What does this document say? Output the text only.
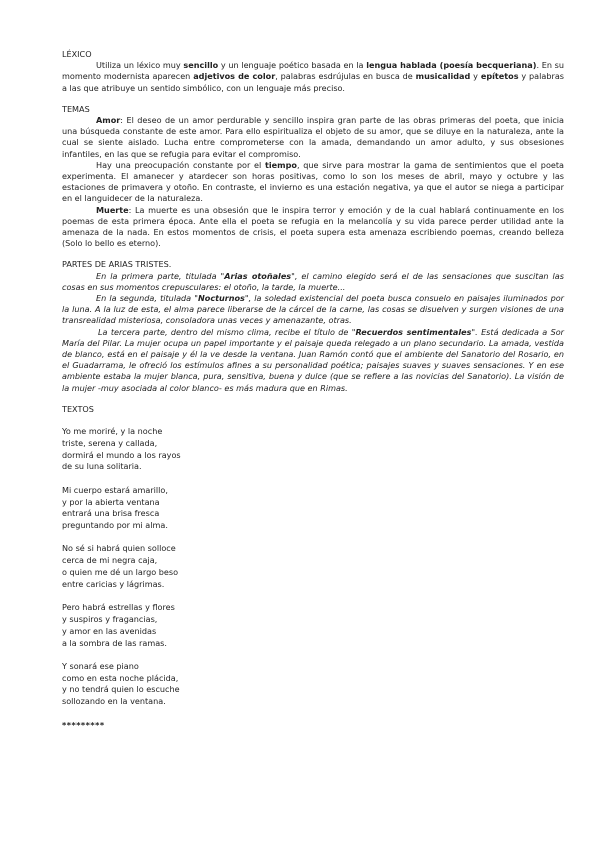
LÉXICO

Utiliza un léxico muy sencillo y un lenguaje poético basada en la lengua hablada (poesía becqueriana). En su momento modernista aparecen adjetivos de color, palabras esdrújulas en busca de musicalidad y epítetos y palabras a las que atribuye un sentido simbólico, con un lenguaje más preciso.

TEMAS

Amor: El deseo de un amor perdurable y sencillo inspira gran parte de las obras primeras del poeta, que inicia una búsqueda constante de este amor. Para ello espiritualiza el objeto de su amor, que se diluye en la naturaleza, ante la cual se siente aislado. Lucha entre comprometerse con la amada, demandando un amor adulto, y sus obsesiones infantiles, en las que se refugia para evitar el compromiso.

Hay una preocupación constante por el tiempo, que sirve para mostrar la gama de sentimientos que el poeta experimenta. El amanecer y atardecer son horas positivas, como lo son los meses de abril, mayo y octubre y las estaciones de primavera y otoño. En contraste, el invierno es una estación negativa, ya que el autor se niega a participar en el languidecer de la naturaleza.

Muerte: La muerte es una obsesión que le inspira terror y emoción y de la cual hablará continuamente en los poemas de esta primera época. Ante ella el poeta se refugia en la melancolía y su vida parece perder utilidad ante la amenaza de la nada. En estos momentos de crisis, el poeta supera esta amenaza escribiendo poemas, creando belleza (Solo lo bello es eterno).

PARTES DE ARIAS TRISTES.

En la primera parte, titulada "Arias otoñales", el camino elegido será el de las sensaciones que suscitan las cosas en sus momentos crepusculares: el otoño, la tarde, la muerte...

En la segunda, titulada "Nocturnos", la soledad existencial del poeta busca consuelo en paisajes iluminados por la luna. A la luz de esta, el alma parece liberarse de la cárcel de la carne, las cosas se disuelven y surgen visiones de una transrealidad misteriosa, consoladora unas veces y amenazante, otras.

La tercera parte, dentro del mismo clima, recibe el título de "Recuerdos sentimentales". Está dedicada a Sor María del Pilar. La mujer ocupa un papel importante y el paisaje queda relegado a un plano secundario. La amada, vestida de blanco, está en el paisaje y él la ve desde la ventana. Juan Ramón contó que el ambiente del Sanatorio del Rosario, en el Guadarrama, le ofreció los estímulos afines a su personalidad poética; paisajes suaves y suaves sensaciones. Y en ese ambiente estaba la mujer blanca, pura, sensitiva, buena y dulce (que se refiere a las novicias del Sanatorio). La visión de la mujer -muy asociada al color blanco- es más madura que en Rimas.

TEXTOS

Yo me moriré, y la noche
triste, serena y callada,
dormirá el mundo a los rayos
de su luna solitaria.
Mi cuerpo estará amarillo,
y por la abierta ventana
entrará una brisa fresca
preguntando por mi alma.
No sé si habrá quien solloce
cerca de mi negra caja,
o quien me dé un largo beso
entre caricias y lágrimas.
Pero habrá estrellas y flores
y suspiros y fragancias,
y amor en las avenidas
a la sombra de las ramas.
Y sonará ese piano
como en esta noche plácida,
y no tendrá quien lo escuche
sollozando en la ventana.
*********
